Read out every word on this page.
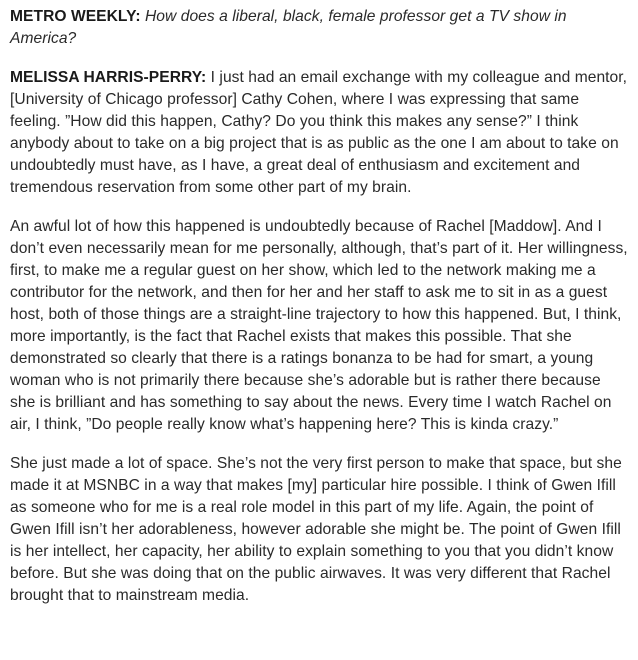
METRO WEEKLY: How does a liberal, black, female professor get a TV show in America?

MELISSA HARRIS-PERRY: I just had an email exchange with my colleague and mentor, [University of Chicago professor] Cathy Cohen, where I was expressing that same feeling. ”How did this happen, Cathy? Do you think this makes any sense?” I think anybody about to take on a big project that is as public as the one I am about to take on undoubtedly must have, as I have, a great deal of enthusiasm and excitement and tremendous reservation from some other part of my brain.

An awful lot of how this happened is undoubtedly because of Rachel [Maddow]. And I don’t even necessarily mean for me personally, although, that’s part of it. Her willingness, first, to make me a regular guest on her show, which led to the network making me a contributor for the network, and then for her and her staff to ask me to sit in as a guest host, both of those things are a straight-line trajectory to how this happened. But, I think, more importantly, is the fact that Rachel exists that makes this possible. That she demonstrated so clearly that there is a ratings bonanza to be had for smart, a young woman who is not primarily there because she’s adorable but is rather there because she is brilliant and has something to say about the news. Every time I watch Rachel on air, I think, ”Do people really know what’s happening here? This is kinda crazy.”

She just made a lot of space. She’s not the very first person to make that space, but she made it at MSNBC in a way that makes [my] particular hire possible. I think of Gwen Ifill as someone who for me is a real role model in this part of my life. Again, the point of Gwen Ifill isn’t her adorableness, however adorable she might be. The point of Gwen Ifill is her intellect, her capacity, her ability to explain something to you that you didn’t know before. But she was doing that on the public airwaves. It was very different that Rachel brought that to mainstream media.
